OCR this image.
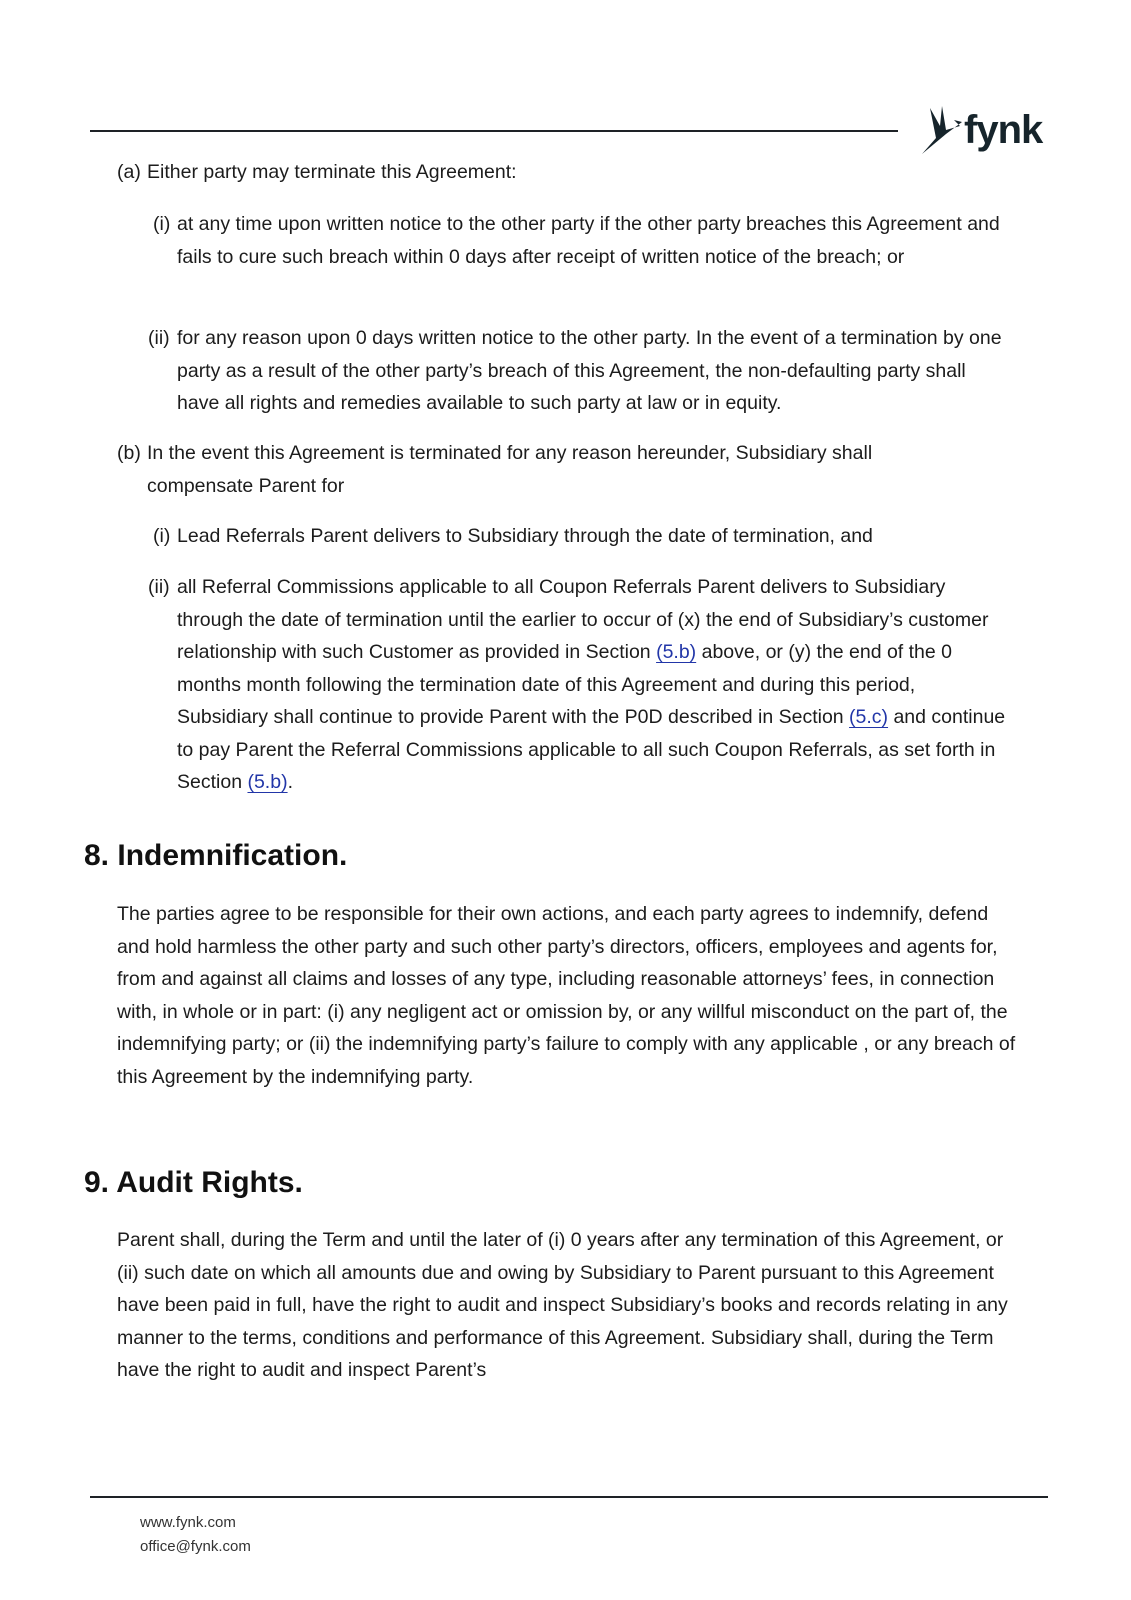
fynk
(a) Either party may terminate this Agreement:
(i) at any time upon written notice to the other party if the other party breaches this Agreement and fails to cure such breach within 0 days after receipt of written notice of the breach; or
(ii) for any reason upon 0 days written notice to the other party. In the event of a termination by one party as a result of the other party’s breach of this Agreement, the non-defaulting party shall have all rights and remedies available to such party at law or in equity.
(b) In the event this Agreement is terminated for any reason hereunder, Subsidiary shall compensate Parent for
(i) Lead Referrals Parent delivers to Subsidiary through the date of termination, and
(ii) all Referral Commissions applicable to all Coupon Referrals Parent delivers to Subsidiary through the date of termination until the earlier to occur of (x) the end of Subsidiary’s customer relationship with such Customer as provided in Section (5.b) above, or (y) the end of the 0 months month following the termination date of this Agreement and during this period, Subsidiary shall continue to provide Parent with the P0D described in Section (5.c) and continue to pay Parent the Referral Commissions applicable to all such Coupon Referrals, as set forth in Section (5.b).
8. Indemnification.
The parties agree to be responsible for their own actions, and each party agrees to indemnify, defend and hold harmless the other party and such other party’s directors, officers, employees and agents for, from and against all claims and losses of any type, including reasonable attorneys’ fees, in connection with, in whole or in part: (i) any negligent act or omission by, or any willful misconduct on the part of, the indemnifying party; or (ii) the indemnifying party’s failure to comply with any applicable , or any breach of this Agreement by the indemnifying party.
9. Audit Rights.
Parent shall, during the Term and until the later of (i) 0 years after any termination of this Agreement, or (ii) such date on which all amounts due and owing by Subsidiary to Parent pursuant to this Agreement have been paid in full, have the right to audit and inspect Subsidiary’s books and records relating in any manner to the terms, conditions and performance of this Agreement. Subsidiary shall, during the Term have the right to audit and inspect Parent’s
www.fynk.com
office@fynk.com
